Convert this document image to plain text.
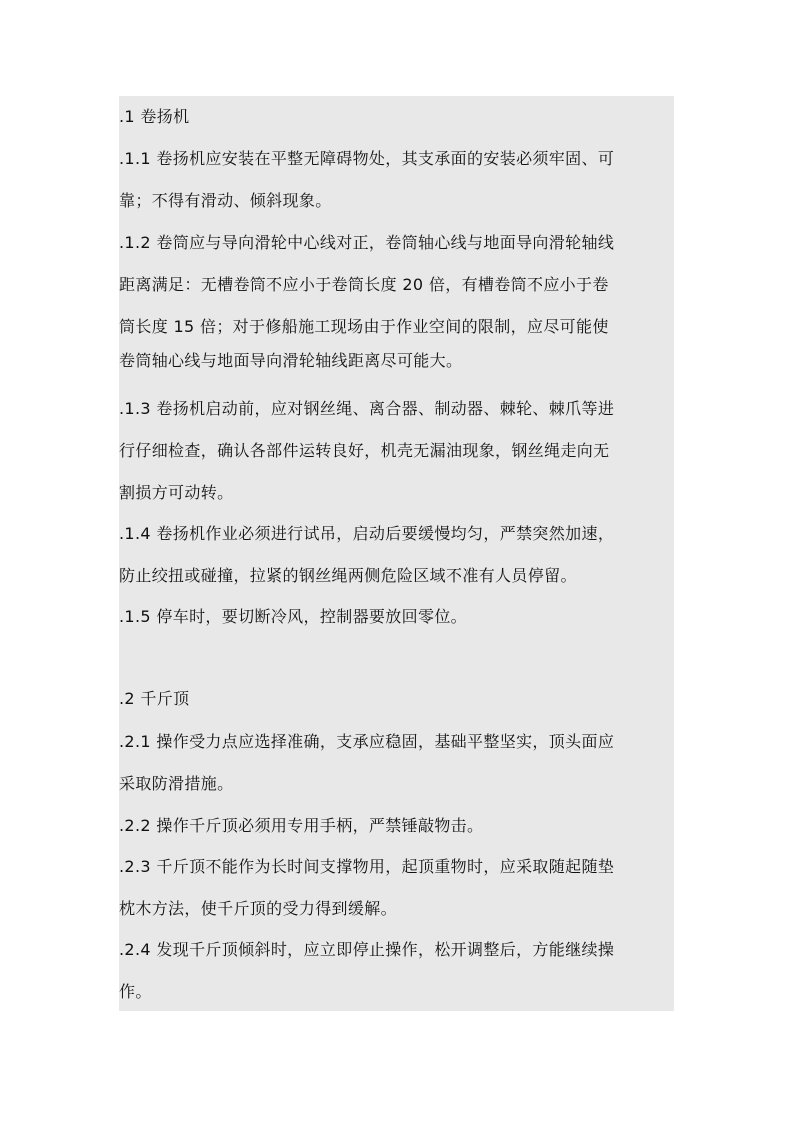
.1 卷扬机
.1.1 卷扬机应安装在平整无障碍物处，其支承面的安装必须牢固、可
靠；不得有滑动、倾斜现象。
.1.2 卷筒应与导向滑轮中心线对正，卷筒轴心线与地面导向滑轮轴线
距离满足：无槽卷筒不应小于卷筒长度 20 倍，有槽卷筒不应小于卷
筒长度 15 倍；对于修船施工现场由于作业空间的限制，应尽可能使
卷筒轴心线与地面导向滑轮轴线距离尽可能大。
.1.3 卷扬机启动前，应对钢丝绳、离合器、制动器、棘轮、棘爪等进
行仔细检查，确认各部件运转良好，机壳无漏油现象，钢丝绳走向无
割损方可动转。
.1.4 卷扬机作业必须进行试吊，启动后要缓慢均匀，严禁突然加速，
防止绞扭或碰撞，拉紧的钢丝绳两侧危险区域不准有人员停留。
.1.5 停车时，要切断冷风，控制器要放回零位。
.2 千斤顶
.2.1 操作受力点应选择准确，支承应稳固，基础平整坚实，顶头面应
采取防滑措施。
.2.2 操作千斤顶必须用专用手柄，严禁锤敲物击。
.2.3 千斤顶不能作为长时间支撑物用，起顶重物时，应采取随起随垫
枕木方法，使千斤顶的受力得到缓解。
.2.4 发现千斤顶倾斜时，应立即停止操作，松开调整后，方能继续操
作。
